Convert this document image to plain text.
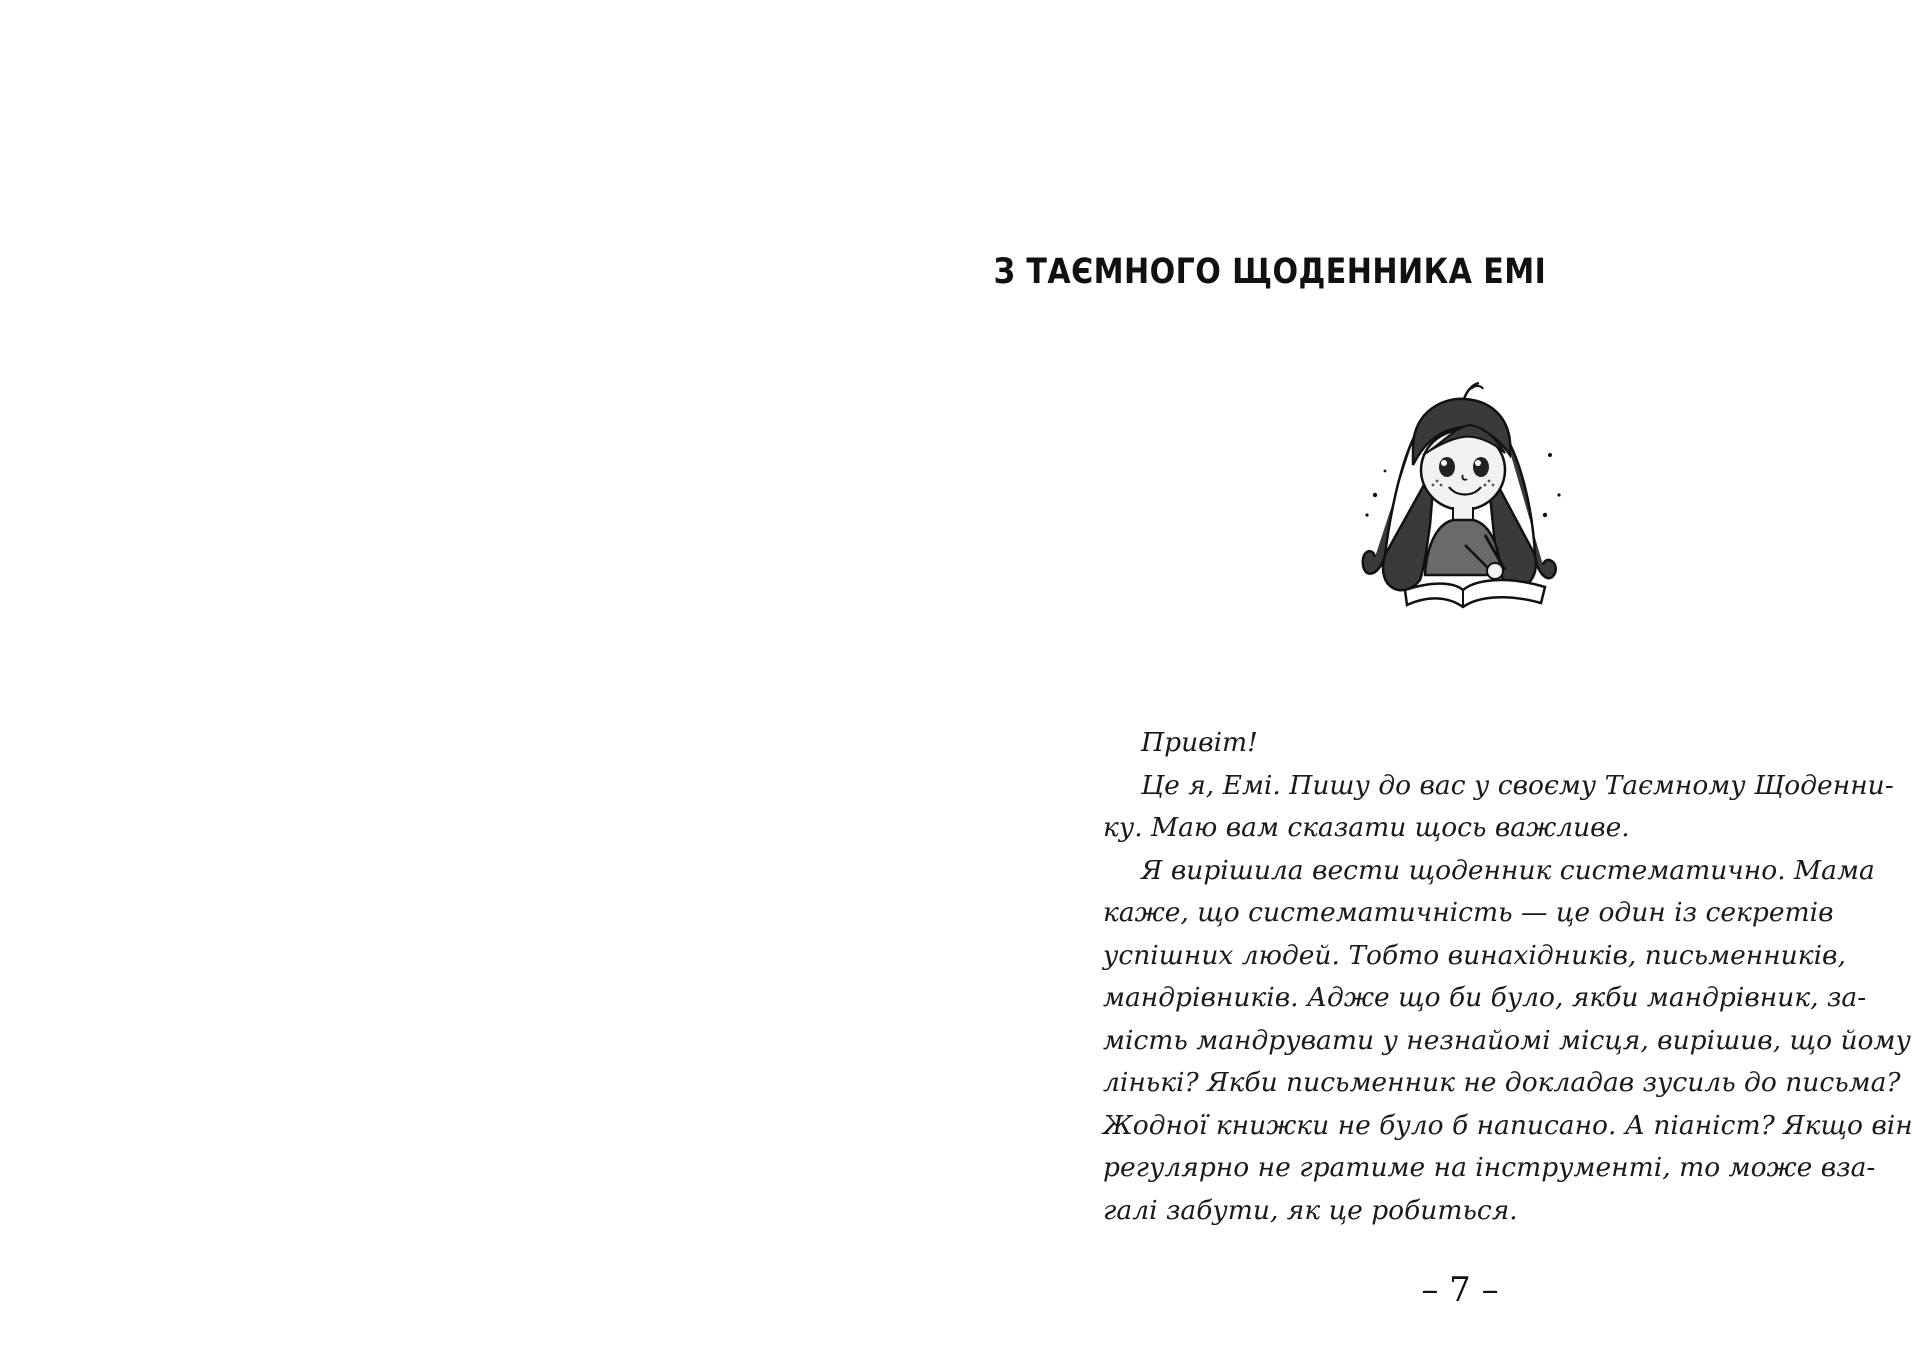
З ТАЄМНОГО ЩОДЕННИКА ЕМІ
Привіт!
Це я, Емі. Пишу до вас у своєму Таємному Щоденни-
ку. Маю вам сказати щось важливе.
Я вирішила вести щоденник систематично. Мама
каже, що систематичність — це один із секретів
успішних людей. Тобто винахідників, письменників,
мандрівників. Адже що би було, якби мандрівник, за-
мість мандрувати у незнайомі місця, вирішив, що йому
лінькі? Якби письменник не докладав зусиль до письма?
Жодної книжки не було б написано. А піаніст? Якщо він
регулярно не гратиме на інструменті, то може взa-
галі забути, як це робиться.
– 7 –
